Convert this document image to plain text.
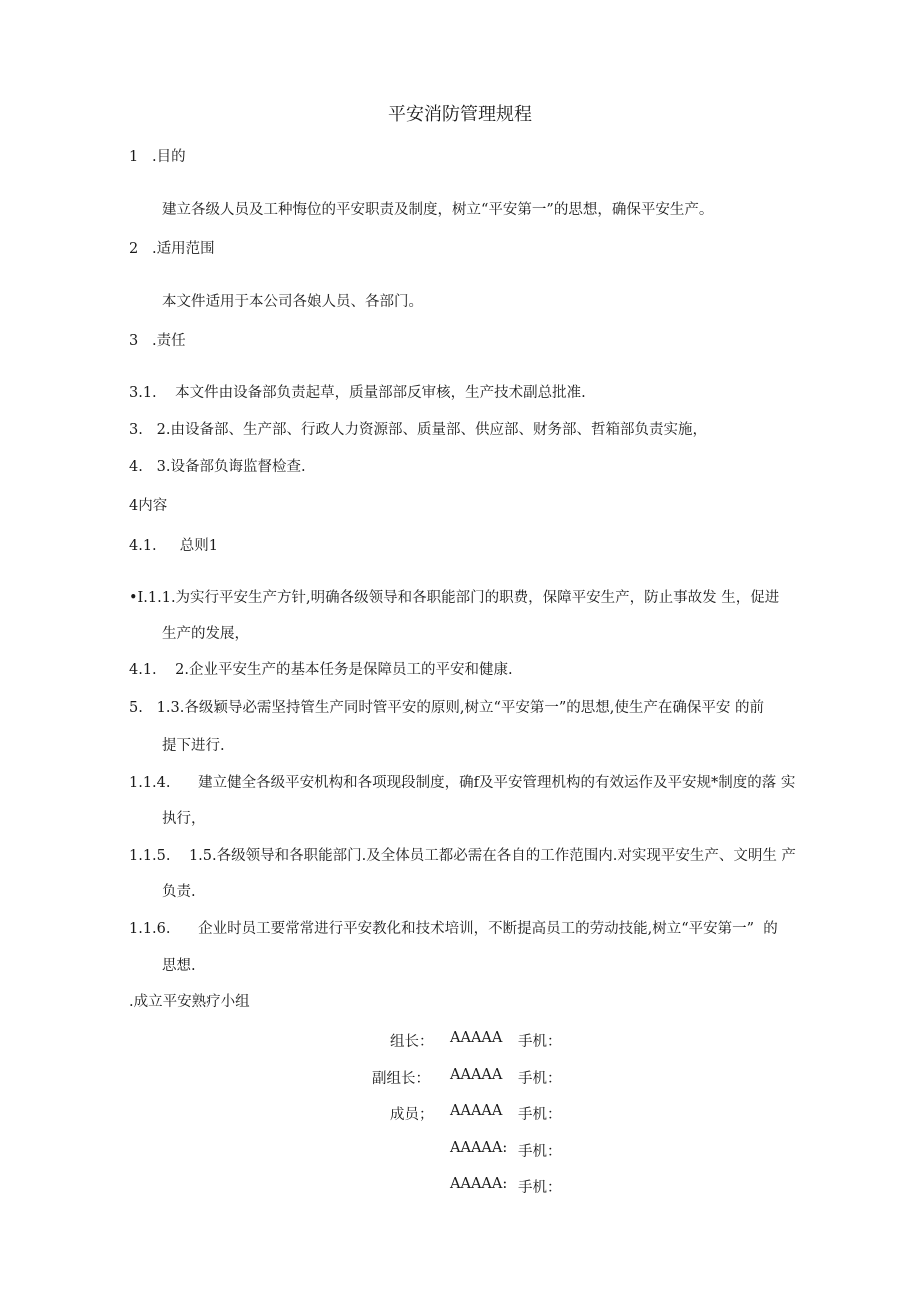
平安消防管理规程
1   .目的
建立各级人员及工种悔位的平安职责及制度，树立“平安第一”的思想，确保平安生产。
2   .适用范围
本文件适用于本公司各娘人员、各部门。
3   .责任
3.1.    本文件由设备部负责起草，质量部部反审核，生产技术副总批准.
3.   2.由设备部、生产部、行政人力资源部、质量部、供应部、财务部、哲箱部负责实施，
4.   3.设备部负诲监督检查.
4内容
4.1.     总则1
•I.1.1.为实行平安生产方针,明确各级领导和各职能部门的职费，保障平安生产，防止事故发 生，促进
生产的发展，
4.1.    2.企业平安生产的基本任务是保障员工的平安和健康.
5.   1.3.各级颖导必需坚持管生产同时管平安的原则,树立“平安第一”的思想,使生产在确保平安 的前
提下进行.
1.1.4.      建立健全各级平安机构和各项现段制度，确f及平安管理机构的有效运作及平安规*制度的落 实
执行，
1.1.5.    1.5.各级领导和各职能部门.及全体员工都必需在各自的工作范围内.对实现平安生产、文明生 产
负责.
1.1.6.      企业时员工要常常进行平安教化和技术培训，不断提高员工的劳动技能,树立“平安第一”  的
思想.
.成立平安熟疗小组
组长： AAAAA 手机：
副组长： AAAAA 手机：
成员； AAAAA 手机：
AAAAA: 手机：
AAAAA: 手机：
